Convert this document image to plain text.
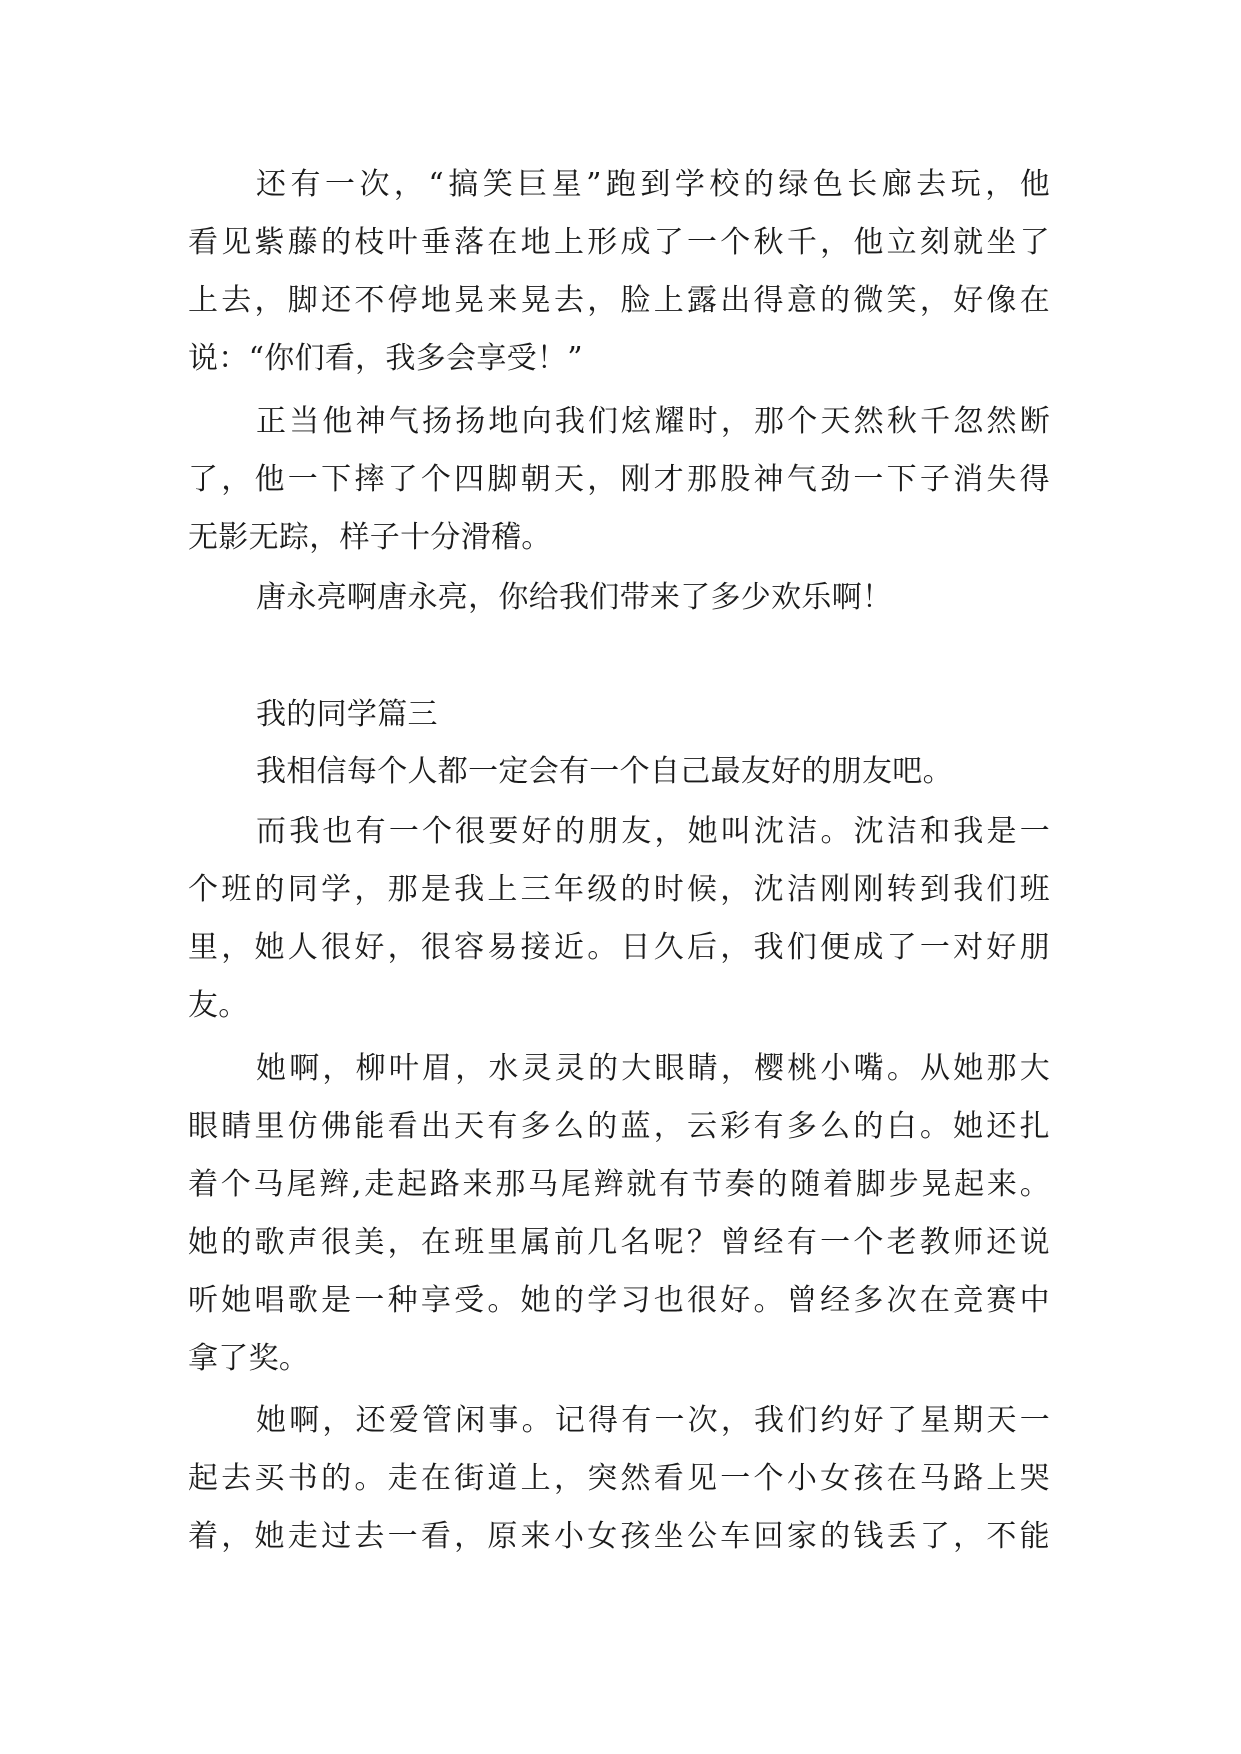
还有一次，“搞笑巨星”跑到学校的绿色长廊去玩，他
看见紫藤的枝叶垂落在地上形成了一个秋千，他立刻就坐了
上去，脚还不停地晃来晃去，脸上露出得意的微笑，好像在
说：“你们看，我多会享受！”
正当他神气扬扬地向我们炫耀时，那个天然秋千忽然断
了，他一下摔了个四脚朝天，刚才那股神气劲一下子消失得
无影无踪，样子十分滑稽。
唐永亮啊唐永亮，你给我们带来了多少欢乐啊！
我的同学篇三
我相信每个人都一定会有一个自己最友好的朋友吧。
而我也有一个很要好的朋友，她叫沈洁。沈洁和我是一
个班的同学，那是我上三年级的时候，沈洁刚刚转到我们班
里，她人很好，很容易接近。日久后，我们便成了一对好朋
友。
她啊，柳叶眉，水灵灵的大眼睛，樱桃小嘴。从她那大
眼睛里仿佛能看出天有多么的蓝，云彩有多么的白。她还扎
着个马尾辫,走起路来那马尾辫就有节奏的随着脚步晃起来。
她的歌声很美，在班里属前几名呢？曾经有一个老教师还说
听她唱歌是一种享受。她的学习也很好。曾经多次在竞赛中
拿了奖。
她啊，还爱管闲事。记得有一次，我们约好了星期天一
起去买书的。走在街道上，突然看见一个小女孩在马路上哭
着，她走过去一看，原来小女孩坐公车回家的钱丢了，不能
